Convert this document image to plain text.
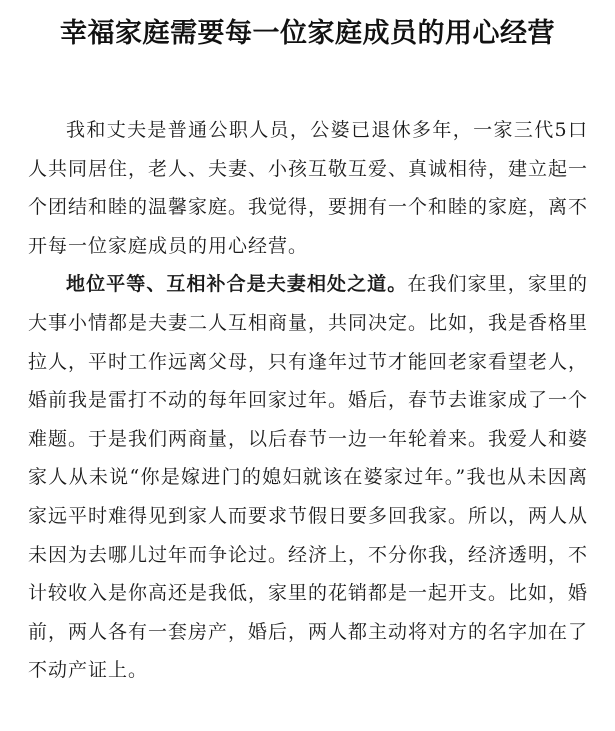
幸福家庭需要每一位家庭成员的用心经营

我和丈夫是普通公职人员，公婆已退休多年，一家三代5口人共同居住，老人、夫妻、小孩互敬互爱、真诚相待，建立起一个团结和睦的温馨家庭。我觉得，要拥有一个和睦的家庭，离不开每一位家庭成员的用心经营。

地位平等、互相补合是夫妻相处之道。在我们家里，家里的大事小情都是夫妻二人互相商量，共同决定。比如，我是香格里拉人，平时工作远离父母，只有逢年过节才能回老家看望老人，婚前我是雷打不动的每年回家过年。婚后，春节去谁家成了一个难题。于是我们两商量，以后春节一边一年轮着来。我爱人和婆家人从未说“你是嫁进门的媳妇就该在婆家过年。”我也从未因离家远平时难得见到家人而要求节假日要多回我家。所以，两人从未因为去哪儿过年而争论过。经济上，不分你我，经济透明，不计较收入是你高还是我低，家里的花销都是一起开支。比如，婚前，两人各有一套房产，婚后，两人都主动将对方的名字加在了不动产证上。
